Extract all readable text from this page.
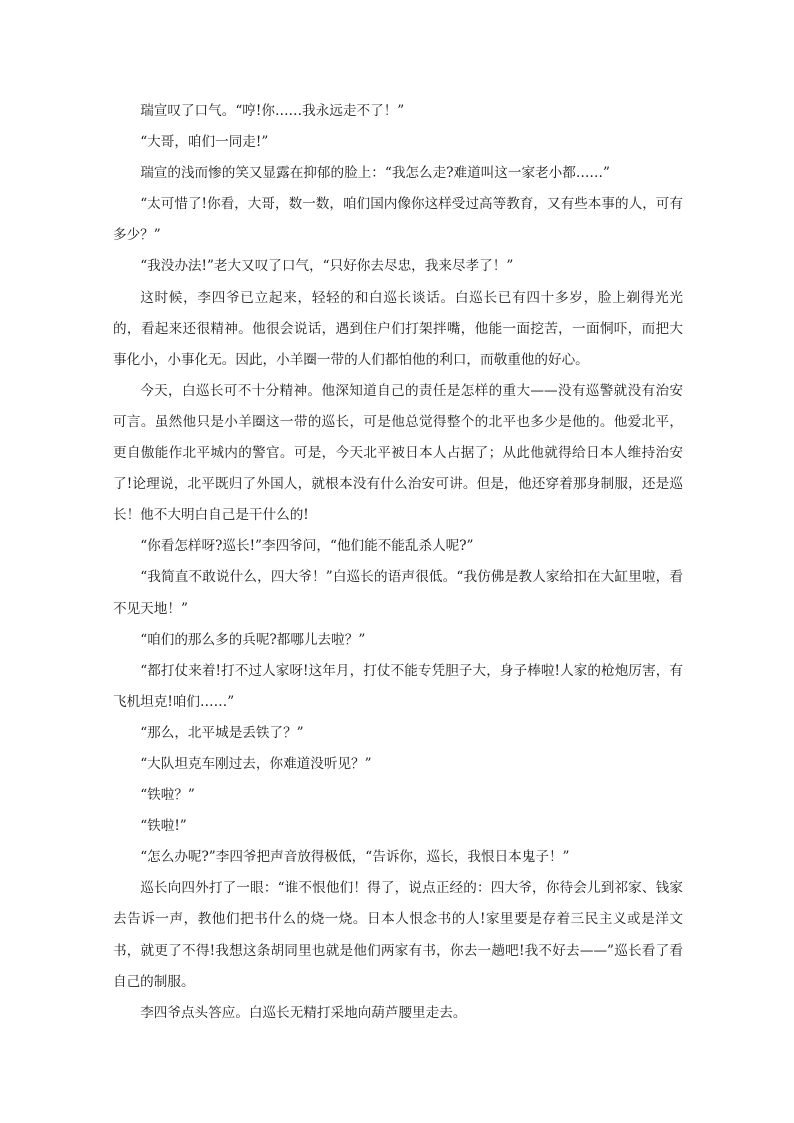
瑞宣叹了口气。“哼!你……我永远走不了！”

“大哥，咱们一同走!”

瑞宣的浅而惨的笑又显露在抑郁的脸上：“我怎么走?难道叫这一家老小都……”

“太可惜了!你看，大哥，数一数，咱们国内像你这样受过高等教育，又有些本事的人，可有多少？”

“我没办法!”老大又叹了口气，“只好你去尽忠，我来尽孝了！”

这时候，李四爷已立起来，轻轻的和白巡长谈话。白巡长已有四十多岁，脸上剃得光光的，看起来还很精神。他很会说话，遇到住户们打架拌嘴，他能一面挖苦，一面恫吓，而把大事化小，小事化无。因此，小羊圈一带的人们都怕他的利口，而敬重他的好心。

今天，白巡长可不十分精神。他深知道自己的责任是怎样的重大——没有巡警就没有治安可言。虽然他只是小羊圈这一带的巡长，可是他总觉得整个的北平也多少是他的。他爱北平，更自傲能作北平城内的警官。可是，今天北平被日本人占据了；从此他就得给日本人维持治安了!论理说，北平既归了外国人，就根本没有什么治安可讲。但是，他还穿着那身制服，还是巡长！他不大明白自己是干什么的!

“你看怎样呀?巡长!”李四爷问，“他们能不能乱杀人呢?”

“我简直不敢说什么，四大爷！”白巡长的语声很低。“我仿佛是教人家给扣在大缸里啦，看不见天地！”

“咱们的那么多的兵呢?都哪儿去啦？”

“都打仗来着!打不过人家呀!这年月，打仗不能专凭胆子大，身子棒啦!人家的枪炮厉害，有飞机坦克!咱们……”

“那么，北平城是丢铁了？”

“大队坦克车刚过去，你难道没听见？”

“铁啦？”

“铁啦!”

“怎么办呢?”李四爷把声音放得极低，“告诉你，巡长，我恨日本鬼子！”

巡长向四外打了一眼：“谁不恨他们！得了，说点正经的：四大爷，你待会儿到祁家、钱家去告诉一声，教他们把书什么的烧一烧。日本人恨念书的人!家里要是存着三民主义或是洋文书，就更了不得!我想这条胡同里也就是他们两家有书，你去一趟吧!我不好去——”巡长看了看自己的制服。

李四爷点头答应。白巡长无精打采地向葫芦腰里走去。
